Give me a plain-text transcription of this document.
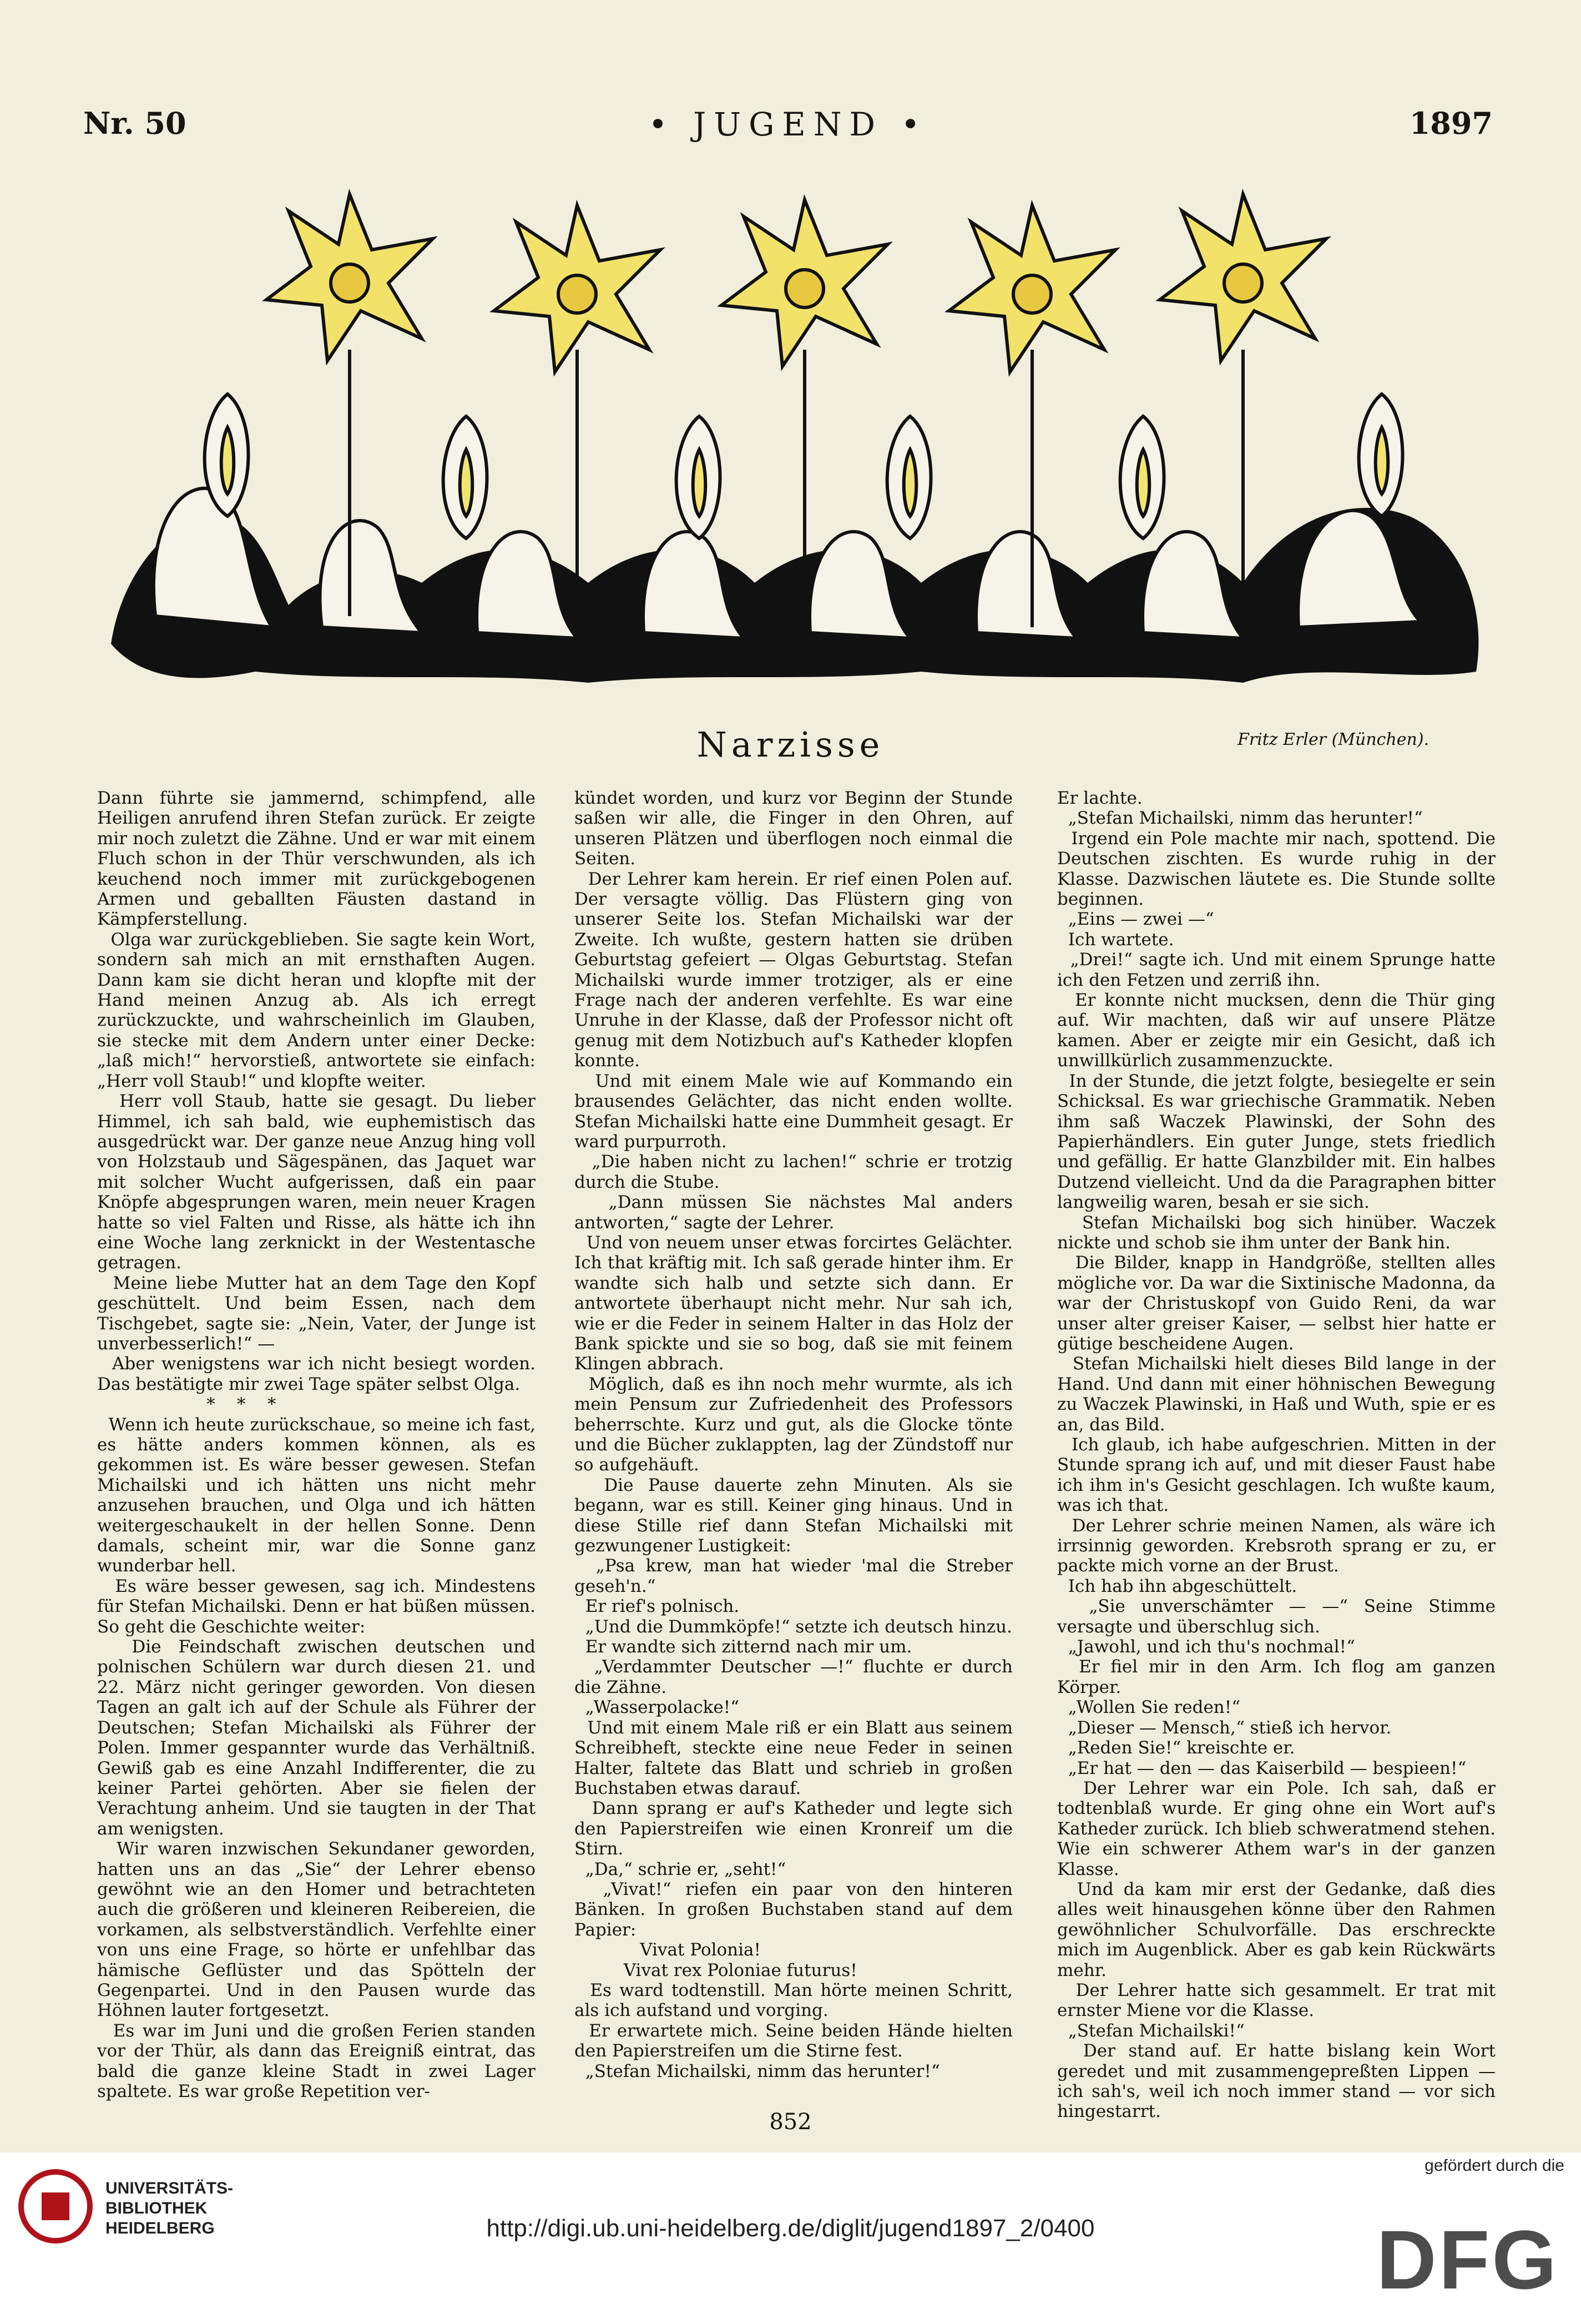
Nr. 50	• JUGEND •	1897
Narzisse	Fritz Erler (München).
Dann führte sie jammernd, schimpfend, alle Heiligen anrufend ihren Stefan zurück. Er zeigte mir noch zuletzt die Zähne. Und er war mit einem Fluch schon in der Thür verschwunden, als ich keuchend noch immer mit zurückgebogenen Armen und geballten Fäusten dastand in Kämpferstellung.
Olga war zurückgeblieben. Sie sagte kein Wort, sondern sah mich an mit ernsthaften Augen. Dann kam sie dicht heran und klopfte mit der Hand meinen Anzug ab. Als ich erregt zurückzuckte, und wahrscheinlich im Glauben, sie stecke mit dem Andern unter einer Decke: „laß mich!“ hervorstieß, antwortete sie einfach: „Herr voll Staub!“ und klopfte weiter.
Herr voll Staub, hatte sie gesagt. Du lieber Himmel, ich sah bald, wie euphemistisch das ausgedrückt war. Der ganze neue Anzug hing voll von Holzstaub und Sägespänen, das Jaquet war mit solcher Wucht aufgerissen, daß ein paar Knöpfe abgesprungen waren, mein neuer Kragen hatte so viel Falten und Risse, als hätte ich ihn eine Woche lang zerknickt in der Westentasche getragen.
Meine liebe Mutter hat an dem Tage den Kopf geschüttelt. Und beim Essen, nach dem Tischgebet, sagte sie: „Nein, Vater, der Junge ist unverbesserlich!“ —
Aber wenigstens war ich nicht besiegt worden. Das bestätigte mir zwei Tage später selbst Olga.
*    *    *
Wenn ich heute zurückschaue, so meine ich fast, es hätte anders kommen können, als es gekommen ist. Es wäre besser gewesen. Stefan Michailski und ich hätten uns nicht mehr anzusehen brauchen, und Olga und ich hätten weitergeschaukelt in der hellen Sonne. Denn damals, scheint mir, war die Sonne ganz wunderbar hell.
Es wäre besser gewesen, sag ich. Mindestens für Stefan Michailski. Denn er hat büßen müssen. So geht die Geschichte weiter:
Die Feindschaft zwischen deutschen und polnischen Schülern war durch diesen 21. und 22. März nicht geringer geworden. Von diesen Tagen an galt ich auf der Schule als Führer der Deutschen; Stefan Michailski als Führer der Polen. Immer gespannter wurde das Verhältniß. Gewiß gab es eine Anzahl Indifferenter, die zu keiner Partei gehörten. Aber sie fielen der Verachtung anheim. Und sie taugten in der That am wenigsten.
Wir waren inzwischen Sekundaner geworden, hatten uns an das „Sie“ der Lehrer ebenso gewöhnt wie an den Homer und betrachteten auch die größeren und kleineren Reibereien, die vorkamen, als selbstverständlich. Verfehlte einer von uns eine Frage, so hörte er unfehlbar das hämische Geflüster und das Spötteln der Gegenpartei. Und in den Pausen wurde das Höhnen lauter fortgesetzt.
Es war im Juni und die großen Ferien standen vor der Thür, als dann das Ereigniß eintrat, das bald die ganze kleine Stadt in zwei Lager spaltete. Es war große Repetition ver-
kündet worden, und kurz vor Beginn der Stunde saßen wir alle, die Finger in den Ohren, auf unseren Plätzen und überflogen noch einmal die Seiten.
Der Lehrer kam herein. Er rief einen Polen auf. Der versagte völlig. Das Flüstern ging von unserer Seite los. Stefan Michailski war der Zweite. Ich wußte, gestern hatten sie drüben Geburtstag gefeiert — Olgas Geburtstag. Stefan Michailski wurde immer trotziger, als er eine Frage nach der anderen verfehlte. Es war eine Unruhe in der Klasse, daß der Professor nicht oft genug mit dem Notizbuch auf's Katheder klopfen konnte.
Und mit einem Male wie auf Kommando ein brausendes Gelächter, das nicht enden wollte. Stefan Michailski hatte eine Dummheit gesagt. Er ward purpurroth.
„Die haben nicht zu lachen!“ schrie er trotzig durch die Stube.
„Dann müssen Sie nächstes Mal anders antworten,“ sagte der Lehrer.
Und von neuem unser etwas forcirtes Gelächter. Ich that kräftig mit. Ich saß gerade hinter ihm. Er wandte sich halb und setzte sich dann. Er antwortete überhaupt nicht mehr. Nur sah ich, wie er die Feder in seinem Halter in das Holz der Bank spickte und sie so bog, daß sie mit feinem Klingen abbrach.
Möglich, daß es ihn noch mehr wurmte, als ich mein Pensum zur Zufriedenheit des Professors beherrschte. Kurz und gut, als die Glocke tönte und die Bücher zuklappten, lag der Zündstoff nur so aufgehäuft.
Die Pause dauerte zehn Minuten. Als sie begann, war es still. Keiner ging hinaus. Und in diese Stille rief dann Stefan Michailski mit gezwungener Lustigkeit:
„Psa krew, man hat wieder 'mal die Streber geseh'n.“
Er rief's polnisch.
„Und die Dummköpfe!“ setzte ich deutsch hinzu.
Er wandte sich zitternd nach mir um.
„Verdammter Deutscher —!“ fluchte er durch die Zähne.
„Wasserpolacke!“
Und mit einem Male riß er ein Blatt aus seinem Schreibheft, steckte eine neue Feder in seinen Halter, faltete das Blatt und schrieb in großen Buchstaben etwas darauf.
Dann sprang er auf's Katheder und legte sich den Papierstreifen wie einen Kronreif um die Stirn.
„Da,“ schrie er, „seht!“
„Vivat!“ riefen ein paar von den hinteren Bänken. In großen Buchstaben stand auf dem Papier:
Vivat Polonia!
Vivat rex Poloniae futurus!
Es ward todtenstill. Man hörte meinen Schritt, als ich aufstand und vorging.
Er erwartete mich. Seine beiden Hände hielten den Papierstreifen um die Stirne fest.
„Stefan Michailski, nimm das herunter!“
Er lachte.
„Stefan Michailski, nimm das herunter!“
Irgend ein Pole machte mir nach, spottend. Die Deutschen zischten. Es wurde ruhig in der Klasse. Dazwischen läutete es. Die Stunde sollte beginnen.
„Eins — zwei —“
Ich wartete.
„Drei!“ sagte ich. Und mit einem Sprunge hatte ich den Fetzen und zerriß ihn.
Er konnte nicht mucksen, denn die Thür ging auf. Wir machten, daß wir auf unsere Plätze kamen. Aber er zeigte mir ein Gesicht, daß ich unwillkürlich zusammenzuckte.
In der Stunde, die jetzt folgte, besiegelte er sein Schicksal. Es war griechische Grammatik. Neben ihm saß Waczek Plawinski, der Sohn des Papierhändlers. Ein guter Junge, stets friedlich und gefällig. Er hatte Glanzbilder mit. Ein halbes Dutzend vielleicht. Und da die Paragraphen bitter langweilig waren, besah er sie sich.
Stefan Michailski bog sich hinüber. Waczek nickte und schob sie ihm unter der Bank hin.
Die Bilder, knapp in Handgröße, stellten alles mögliche vor. Da war die Sixtinische Madonna, da war der Christuskopf von Guido Reni, da war unser alter greiser Kaiser, — selbst hier hatte er gütige bescheidene Augen.
Stefan Michailski hielt dieses Bild lange in der Hand. Und dann mit einer höhnischen Bewegung zu Waczek Plawinski, in Haß und Wuth, spie er es an, das Bild.
Ich glaub, ich habe aufgeschrien. Mitten in der Stunde sprang ich auf, und mit dieser Faust habe ich ihm in's Gesicht geschlagen. Ich wußte kaum, was ich that.
Der Lehrer schrie meinen Namen, als wäre ich irrsinnig geworden. Krebsroth sprang er zu, er packte mich vorne an der Brust.
Ich hab ihn abgeschüttelt.
„Sie unverschämter — —“ Seine Stimme versagte und überschlug sich.
„Jawohl, und ich thu's nochmal!“
Er fiel mir in den Arm. Ich flog am ganzen Körper.
„Wollen Sie reden!“
„Dieser — Mensch,“ stieß ich hervor.
„Reden Sie!“ kreischte er.
„Er hat — den — das Kaiserbild — bespieen!“
Der Lehrer war ein Pole. Ich sah, daß er todtenblaß wurde. Er ging ohne ein Wort auf's Katheder zurück. Ich blieb schweratmend stehen. Wie ein schwerer Athem war's in der ganzen Klasse.
Und da kam mir erst der Gedanke, daß dies alles weit hinausgehen könne über den Rahmen gewöhnlicher Schulvorfälle. Das erschreckte mich im Augenblick. Aber es gab kein Rückwärts mehr.
Der Lehrer hatte sich gesammelt. Er trat mit ernster Miene vor die Klasse.
„Stefan Michailski!“
Der stand auf. Er hatte bislang kein Wort geredet und mit zusammengepreßten Lippen — ich sah's, weil ich noch immer stand — vor sich hingestarrt.
852
UNIVERSITÄTS-
BIBLIOTHEK
HEIDELBERG	http://digi.ub.uni-heidelberg.de/diglit/jugend1897_2/0400
gefördert durch die
DFG
